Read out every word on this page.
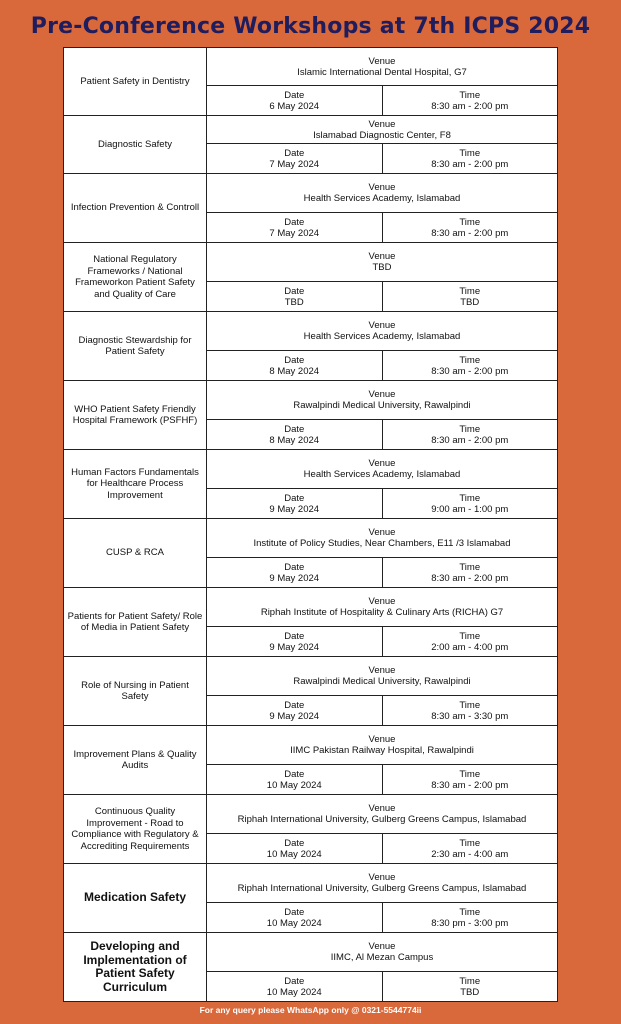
Pre-Conference Workshops at 7th ICPS 2024
Patient Safety in Dentistry
Venue
Islamic International Dental Hospital, G7
Date
6 May 2024
Time
8:30 am - 2:00 pm
Diagnostic Safety
Venue
Islamabad Diagnostic Center, F8
Date
7 May 2024
Time
8:30 am - 2:00 pm
Infection Prevention & Controll
Venue
Health Services Academy, Islamabad
Date
7 May 2024
Time
8:30 am - 2:00 pm
National Regulatory Frameworks / National Frameworkon Patient Safety and Quality of Care
Venue
TBD
Date
TBD
Time
TBD
Diagnostic Stewardship for Patient Safety
Venue
Health Services Academy, Islamabad
Date
8 May 2024
Time
8:30 am - 2:00 pm
WHO Patient Safety Friendly Hospital Framework (PSFHF)
Venue
Rawalpindi Medical University, Rawalpindi
Date
8 May 2024
Time
8:30 am - 2:00 pm
Human Factors Fundamentals for Healthcare Process Improvement
Venue
Health Services Academy, Islamabad
Date
9 May 2024
Time
9:00 am - 1:00 pm
CUSP & RCA
Venue
Institute of Policy Studies, Near Chambers, E11 /3 Islamabad
Date
9 May 2024
Time
8:30 am - 2:00 pm
Patients for Patient Safety/ Role of Media in Patient Safety
Venue
Riphah Institute of Hospitality & Culinary Arts (RICHA) G7
Date
9 May 2024
Time
2:00 am - 4:00 pm
Role of Nursing in Patient Safety
Venue
Rawalpindi Medical University, Rawalpindi
Date
9 May 2024
Time
8:30 am - 3:30 pm
Improvement Plans & Quality Audits
Venue
IIMC Pakistan Railway Hospital, Rawalpindi
Date
10 May 2024
Time
8:30 am - 2:00 pm
Continuous Quality Improvement - Road to Compliance with Regulatory & Accrediting Requirements
Venue
Riphah International University, Gulberg Greens Campus, Islamabad
Date
10 May 2024
Time
2:30 am - 4:00 am
Medication Safety
Venue
Riphah International University, Gulberg Greens Campus, Islamabad
Date
10 May 2024
Time
8:30 pm - 3:00 pm
Developing and Implementation of Patient Safety Curriculum
Venue
IIMC, Al Mezan Campus
Date
10 May 2024
Time
TBD
For any query please WhatsApp only @ 0321-5544774ii
